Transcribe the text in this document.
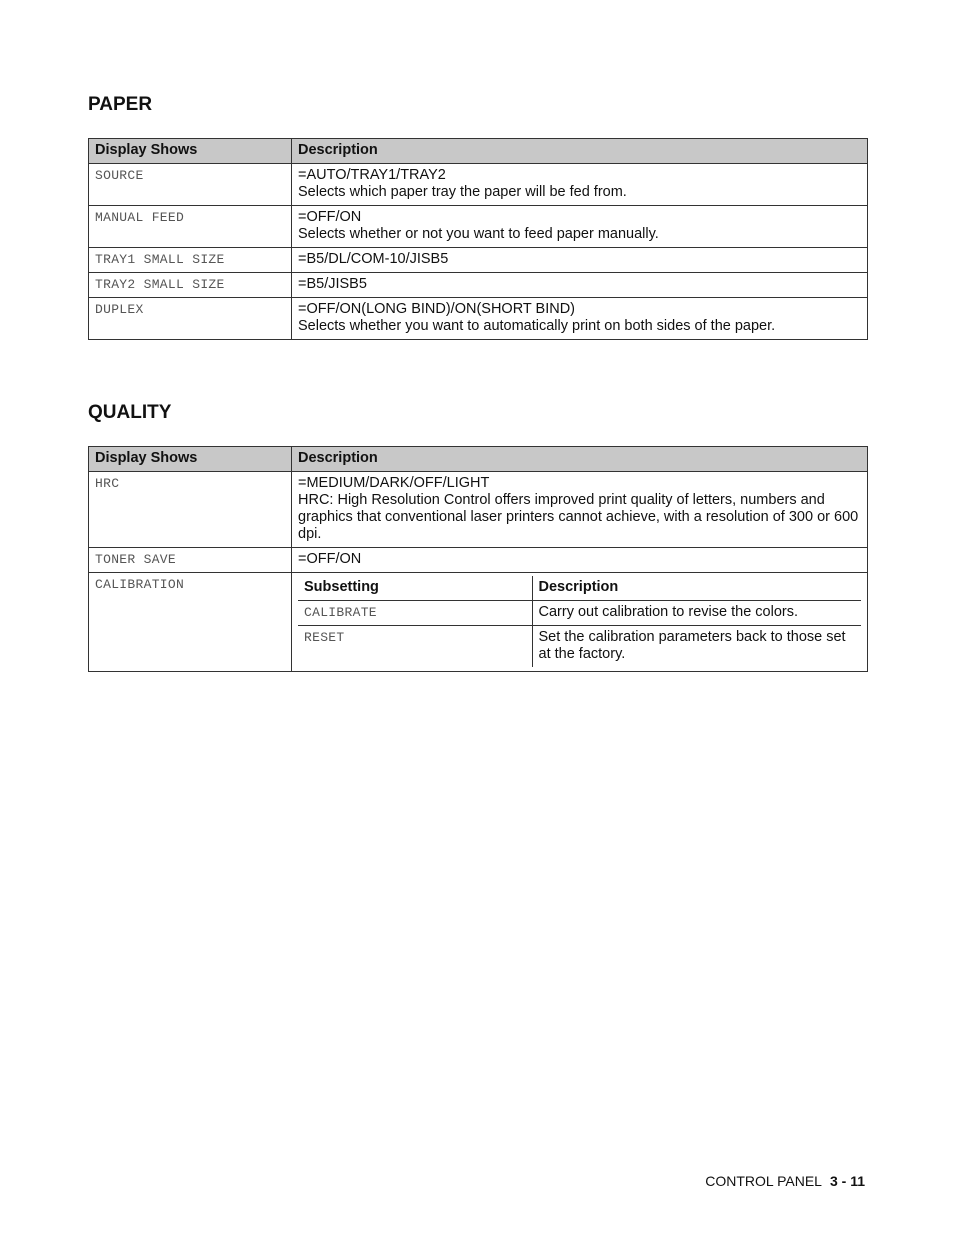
PAPER
Display Shows	Description
SOURCE	=AUTO/TRAY1/TRAY2
Selects which paper tray the paper will be fed from.

MANUAL FEED	=OFF/ON
Selects whether or not you want to feed paper manually.

TRAY1 SMALL SIZE	=B5/DL/COM-10/JISB5

TRAY2 SMALL SIZE	=B5/JISB5

DUPLEX	=OFF/ON(LONG BIND)/ON(SHORT BIND)
Selects whether you want to automatically print on both sides of the paper.
QUALITY
Display Shows	Description
HRC	=MEDIUM/DARK/OFF/LIGHT
HRC: High Resolution Control offers improved print quality of letters, numbers and graphics that conventional laser printers cannot achieve, with a resolution of 300 or 600 dpi.

TONER SAVE	=OFF/ON

CALIBRATION		Subsetting	Description
CALIBRATE	Carry out calibration to revise the colors.
RESET	Set the calibration parameters back to those set at the factory.
CONTROL PANEL 3 - 11
